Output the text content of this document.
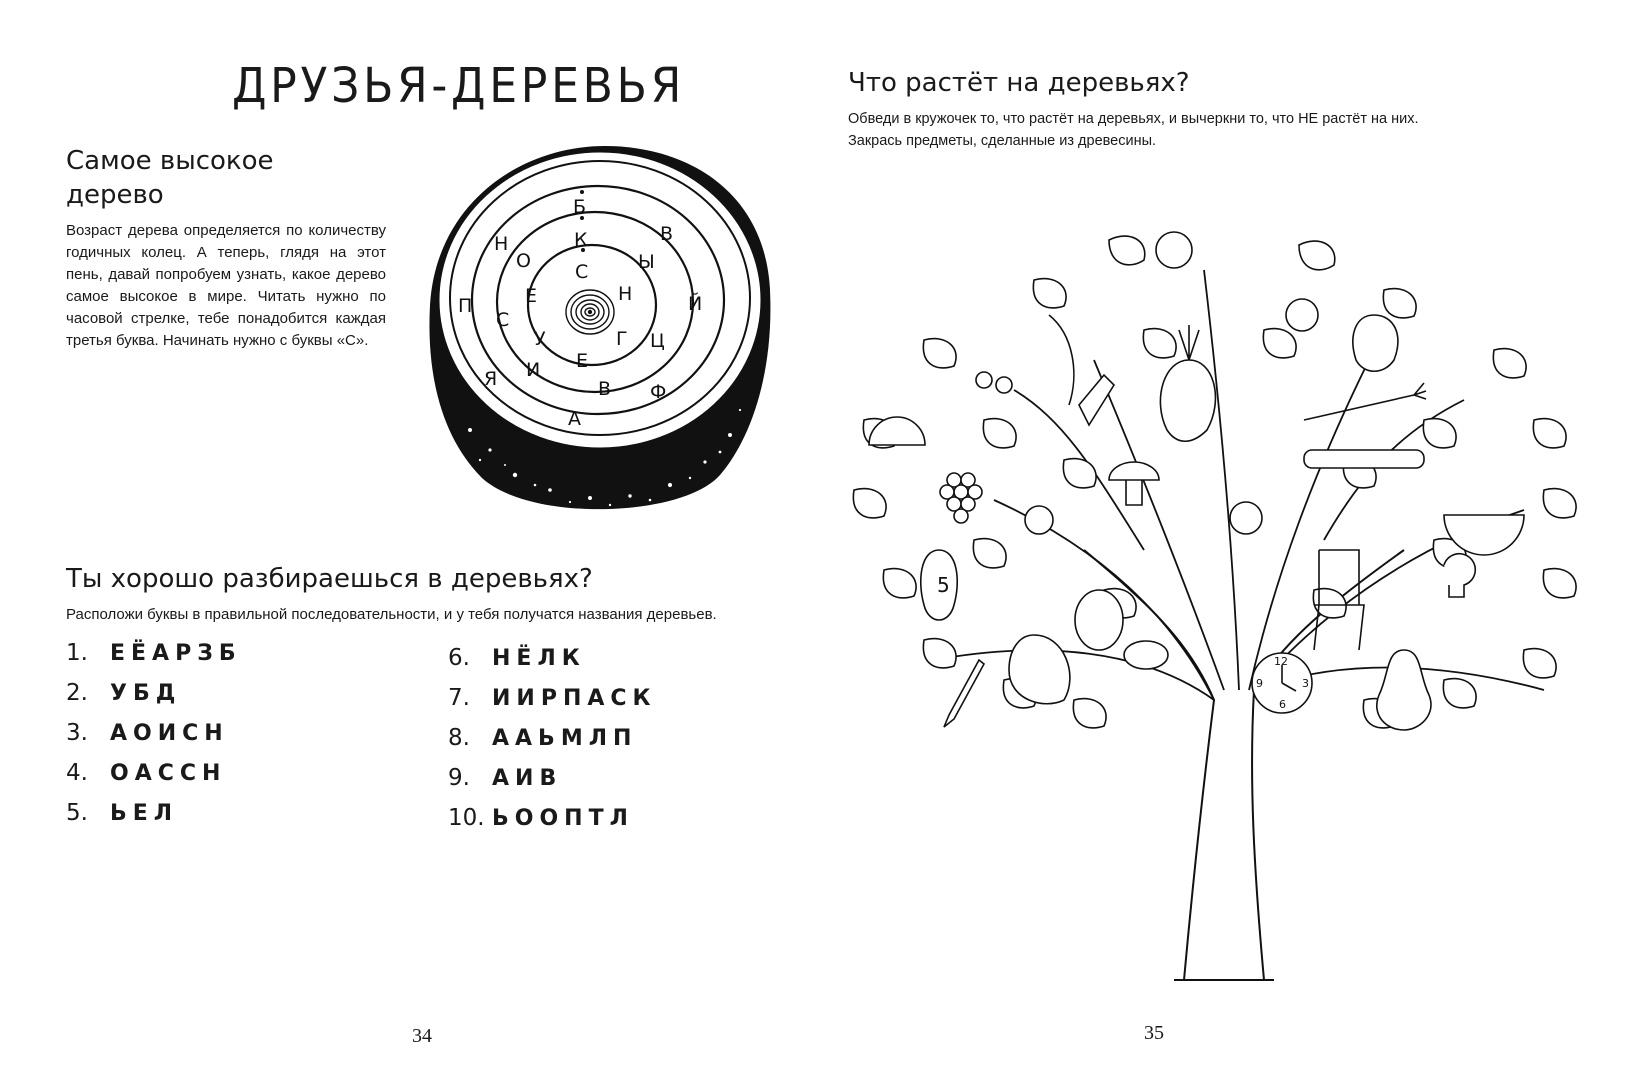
ДРУЗЬЯ-ДЕРЕВЬЯ
Самое высокое
дерево

Возраст дерева определяется по количеству годичных колец. А теперь, глядя на этот пень, давай попробуем узнать, какое дерево самое высокое в мире. Читать нужно по часовой стрелке, тебе понадобится каждая третья буква. Начинать нужно с буквы «С».

Б
В
Ы
Й
Н
К
С
Г Ц
Ф
В
Е
А
И
У
С
Е
О
П
Я
Н
Ты хорошо разбираешься в деревьях?

Расположи буквы в правильной последовательности, и у тебя получатся названия деревьев.

1.	ЕЁАРЗБ
2.	УБД
3.	АОИСН
4.	ОАССН
5.	ЬЕЛ
6.	НЁЛК
7.	ИИРПАСК
8.	ААЬМЛП
9.	АИВ
10. ЬООПТЛ
34
Что растёт на деревьях?

Обведи в кружочек то, что растёт на деревьях, и вычеркни то, что НЕ растёт на них.
Закрась предметы, сделанные из древесины.

5
12
3
6
9
35
